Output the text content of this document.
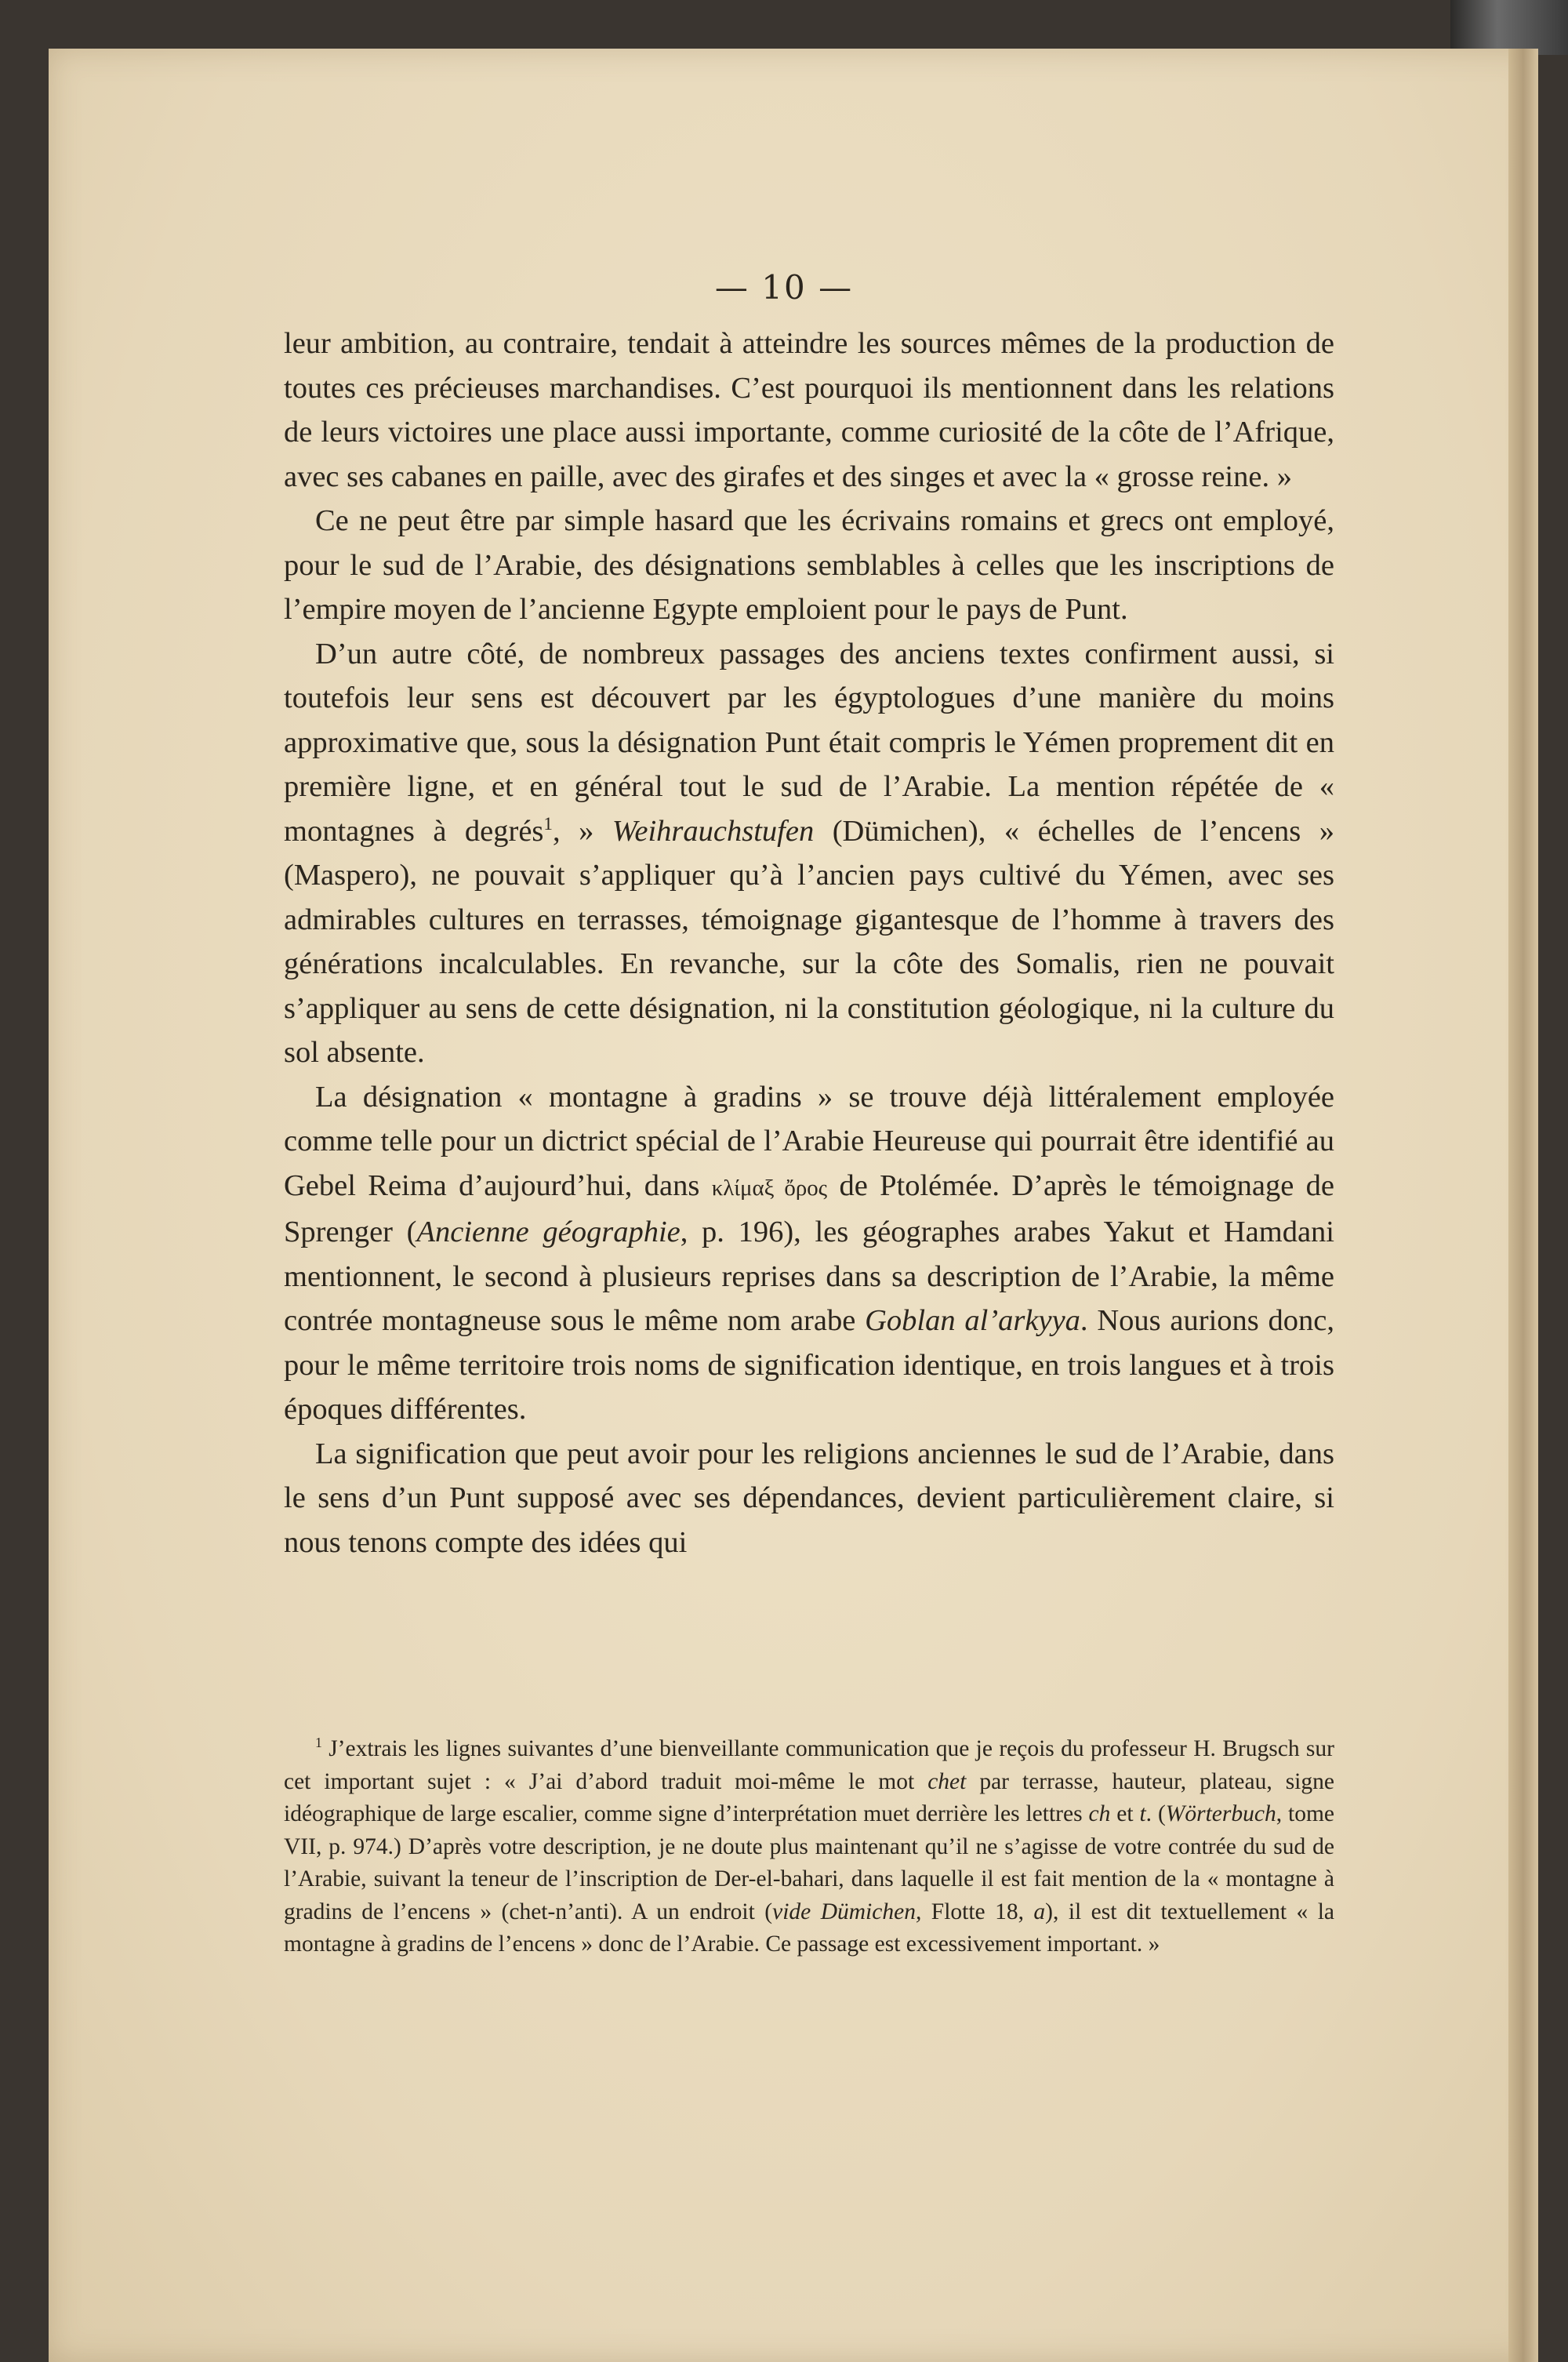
— 10 —

leur ambition, au contraire, tendait à atteindre les sources mêmes de la production de toutes ces précieuses marchandises. C’est pourquoi ils mentionnent dans les relations de leurs victoires une place aussi importante, comme curiosité de la côte de l’Afrique, avec ses cabanes en paille, avec des girafes et des singes et avec la « grosse reine. »

Ce ne peut être par simple hasard que les écrivains romains et grecs ont employé, pour le sud de l’Arabie, des désignations semblables à celles que les inscriptions de l’empire moyen de l’ancienne Egypte emploient pour le pays de Punt.

D’un autre côté, de nombreux passages des anciens textes confirment aussi, si toutefois leur sens est découvert par les égyptologues d’une manière du moins approximative que, sous la désignation Punt était compris le Yémen proprement dit en première ligne, et en général tout le sud de l’Arabie. La mention répétée de « montagnes à degrés$^1$, » Weihrauchstufen (Dümichen), « échelles de l’encens » (Maspero), ne pouvait s’appliquer qu’à l’ancien pays cultivé du Yémen, avec ses admirables cultures en terrasses, témoignage gigantesque de l’homme à travers des générations incalculables. En revanche, sur la côte des Somalis, rien ne pouvait s’appliquer au sens de cette désignation, ni la constitution géologique, ni la culture du sol absente.

La désignation « montagne à gradins » se trouve déjà littéralement employée comme telle pour un dictrict spécial de l’Arabie Heureuse qui pourrait être identifié au Gebel Reima d’aujourd’hui, dans κλίμαξ ὄρος de Ptolémée. D’après le témoignage de Sprenger (Ancienne géographie, p. 196), les géographes arabes Yakut et Hamdani mentionnent, le second à plusieurs reprises dans sa description de l’Arabie, la même contrée montagneuse sous le même nom arabe Goblan al’arkyya. Nous aurions donc, pour le même territoire trois noms de signification identique, en trois langues et à trois époques différentes.

La signification que peut avoir pour les religions anciennes le sud de l’Arabie, dans le sens d’un Punt supposé avec ses dépendances, devient particulièrement claire, si nous tenons compte des idées qui

$^1$ J’extrais les lignes suivantes d’une bienveillante communication que je reçois du professeur H. Brugsch sur cet important sujet : « J’ai d’abord traduit moi-même le mot chet par terrasse, hauteur, plateau, signe idéographique de large escalier, comme signe d’interprétation muet derrière les lettres ch et t. (Wörterbuch, tome VII, p. 974.) D’après votre description, je ne doute plus maintenant qu’il ne s’agisse de votre contrée du sud de l’Arabie, suivant la teneur de l’inscription de Der-el-bahari, dans laquelle il est fait mention de la « montagne à gradins de l’encens » (chet-n’anti). A un endroit (vide Dümichen, Flotte 18, a), il est dit textuellement « la montagne à gradins de l’encens » donc de l’Arabie. Ce passage est excessivement important. »
